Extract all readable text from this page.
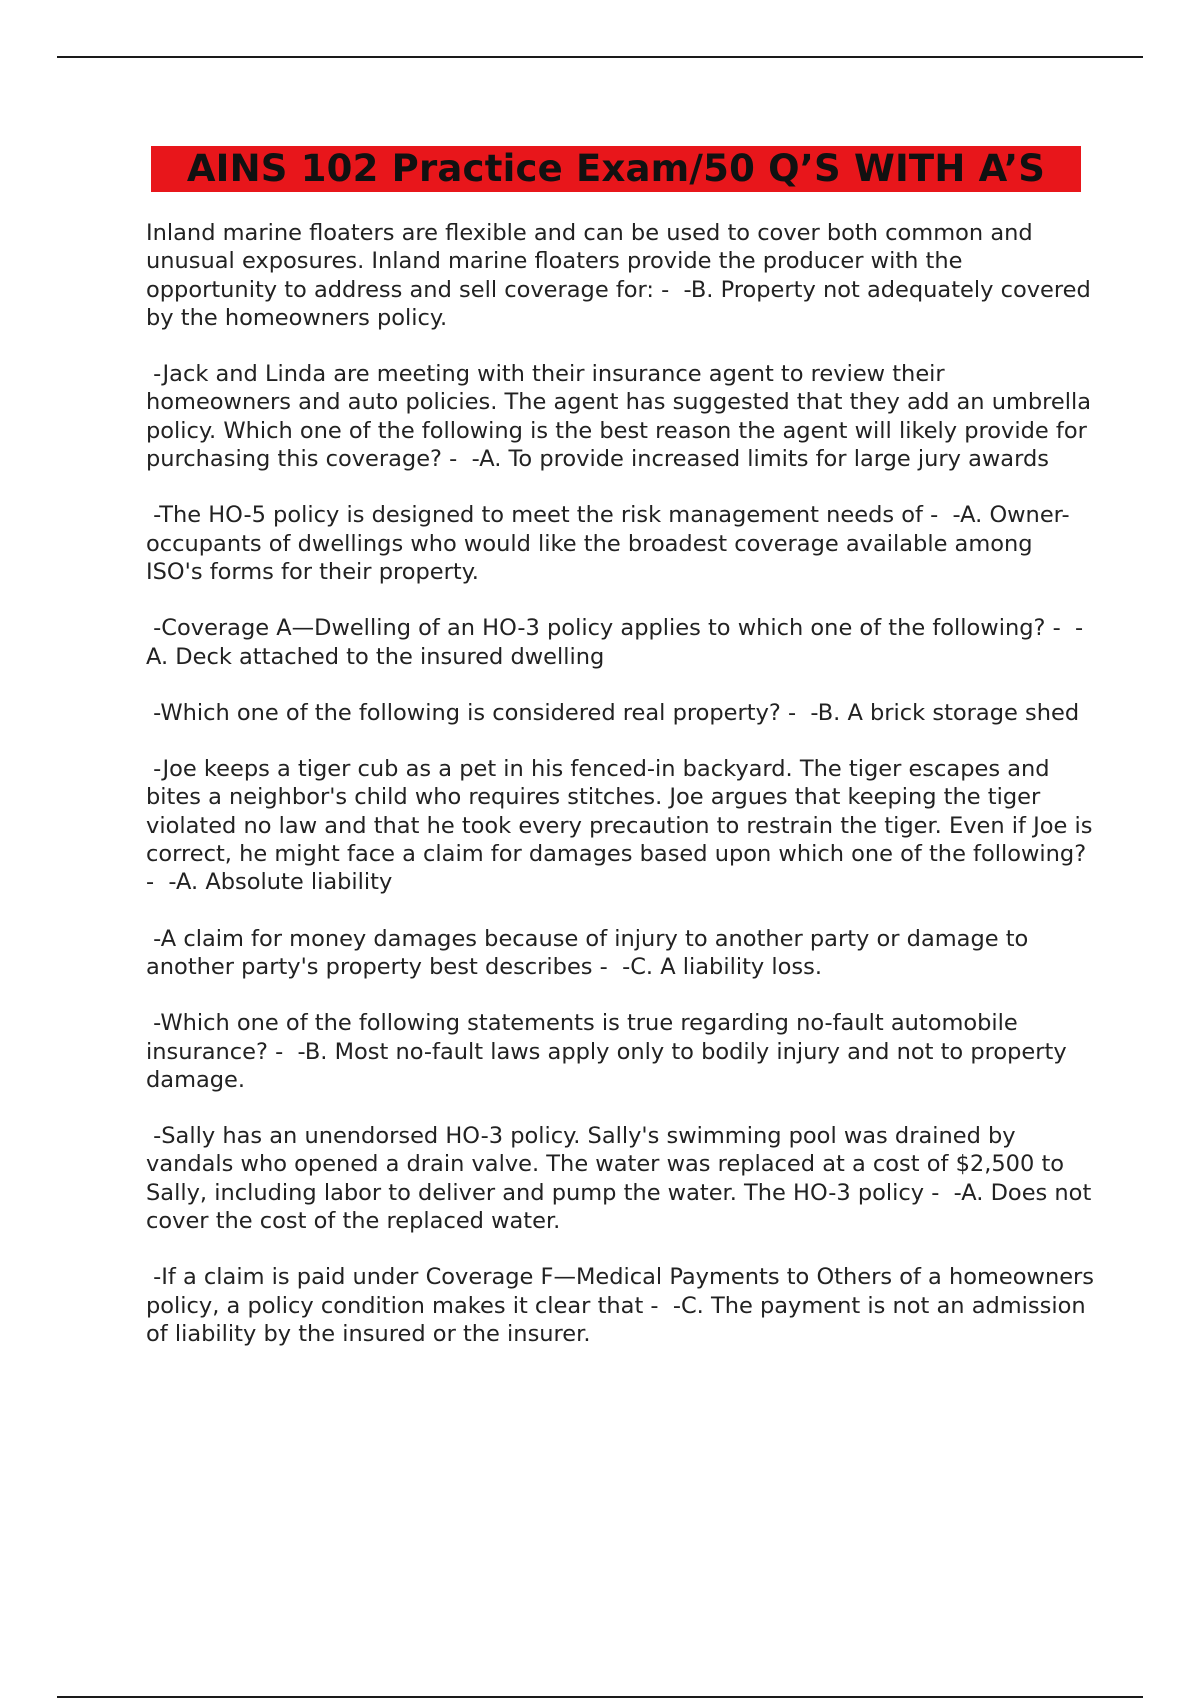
AINS 102 Practice Exam/50 Q’S WITH A’S

Inland marine floaters are flexible and can be used to cover both common and unusual exposures. Inland marine floaters provide the producer with the opportunity to address and sell coverage for: -  -B. Property not adequately covered by the homeowners policy.

-Jack and Linda are meeting with their insurance agent to review their homeowners and auto policies. The agent has suggested that they add an umbrella policy. Which one of the following is the best reason the agent will likely provide for purchasing this coverage? -  -A. To provide increased limits for large jury awards

-The HO-5 policy is designed to meet the risk management needs of -  -A. Owner-occupants of dwellings who would like the broadest coverage available among ISO's forms for their property.

-Coverage A—Dwelling of an HO-3 policy applies to which one of the following? -  -A. Deck attached to the insured dwelling

-Which one of the following is considered real property? -  -B. A brick storage shed

-Joe keeps a tiger cub as a pet in his fenced-in backyard. The tiger escapes and bites a neighbor's child who requires stitches. Joe argues that keeping the tiger violated no law and that he took every precaution to restrain the tiger. Even if Joe is correct, he might face a claim for damages based upon which one of the following? -  -A. Absolute liability

-A claim for money damages because of injury to another party or damage to another party's property best describes -  -C. A liability loss.

-Which one of the following statements is true regarding no-fault automobile insurance? -  -B. Most no-fault laws apply only to bodily injury and not to property damage.

-Sally has an unendorsed HO-3 policy. Sally's swimming pool was drained by vandals who opened a drain valve. The water was replaced at a cost of $2,500 to Sally, including labor to deliver and pump the water. The HO-3 policy -  -A. Does not cover the cost of the replaced water.

-If a claim is paid under Coverage F—Medical Payments to Others of a homeowners policy, a policy condition makes it clear that -  -C. The payment is not an admission of liability by the insured or the insurer.
